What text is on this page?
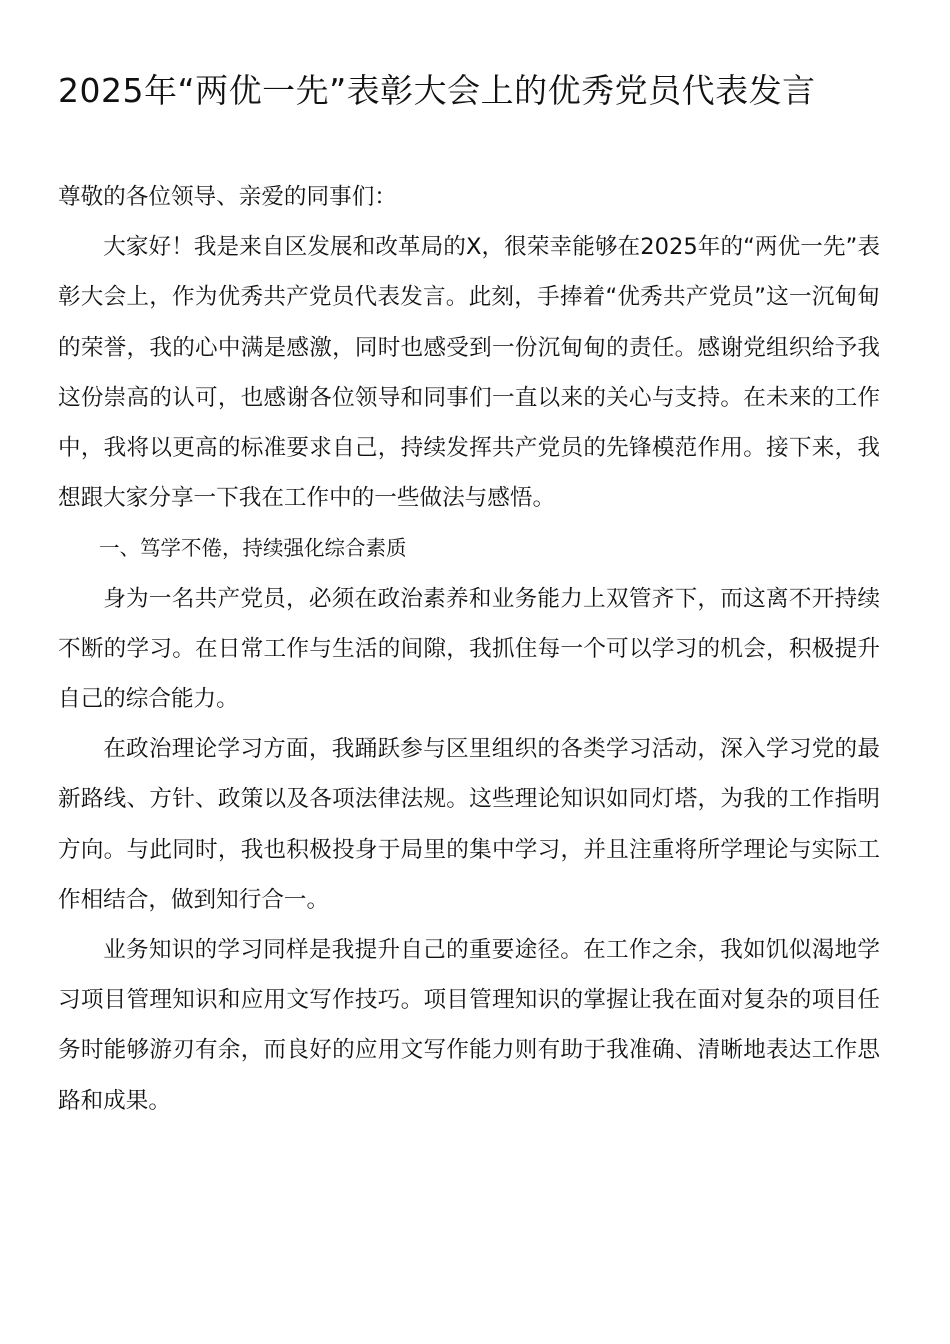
2025年“两优一先”表彰大会上的优秀党员代表发言

尊敬的各位领导、亲爱的同事们：

大家好！我是来自区发展和改革局的X，很荣幸能够在2025年的“两优一先”表彰大会上，作为优秀共产党员代表发言。此刻，手捧着“优秀共产党员”这一沉甸甸的荣誉，我的心中满是感激，同时也感受到一份沉甸甸的责任。感谢党组织给予我这份崇高的认可，也感谢各位领导和同事们一直以来的关心与支持。在未来的工作中，我将以更高的标准要求自己，持续发挥共产党员的先锋模范作用。接下来，我想跟大家分享一下我在工作中的一些做法与感悟。

一、笃学不倦，持续强化综合素质

身为一名共产党员，必须在政治素养和业务能力上双管齐下，而这离不开持续不断的学习。在日常工作与生活的间隙，我抓住每一个可以学习的机会，积极提升自己的综合能力。

在政治理论学习方面，我踊跃参与区里组织的各类学习活动，深入学习党的最新路线、方针、政策以及各项法律法规。这些理论知识如同灯塔，为我的工作指明方向。与此同时，我也积极投身于局里的集中学习，并且注重将所学理论与实际工作相结合，做到知行合一。

业务知识的学习同样是我提升自己的重要途径。在工作之余，我如饥似渴地学习项目管理知识和应用文写作技巧。项目管理知识的掌握让我在面对复杂的项目任务时能够游刃有余，而良好的应用文写作能力则有助于我准确、清晰地表达工作思路和成果。
